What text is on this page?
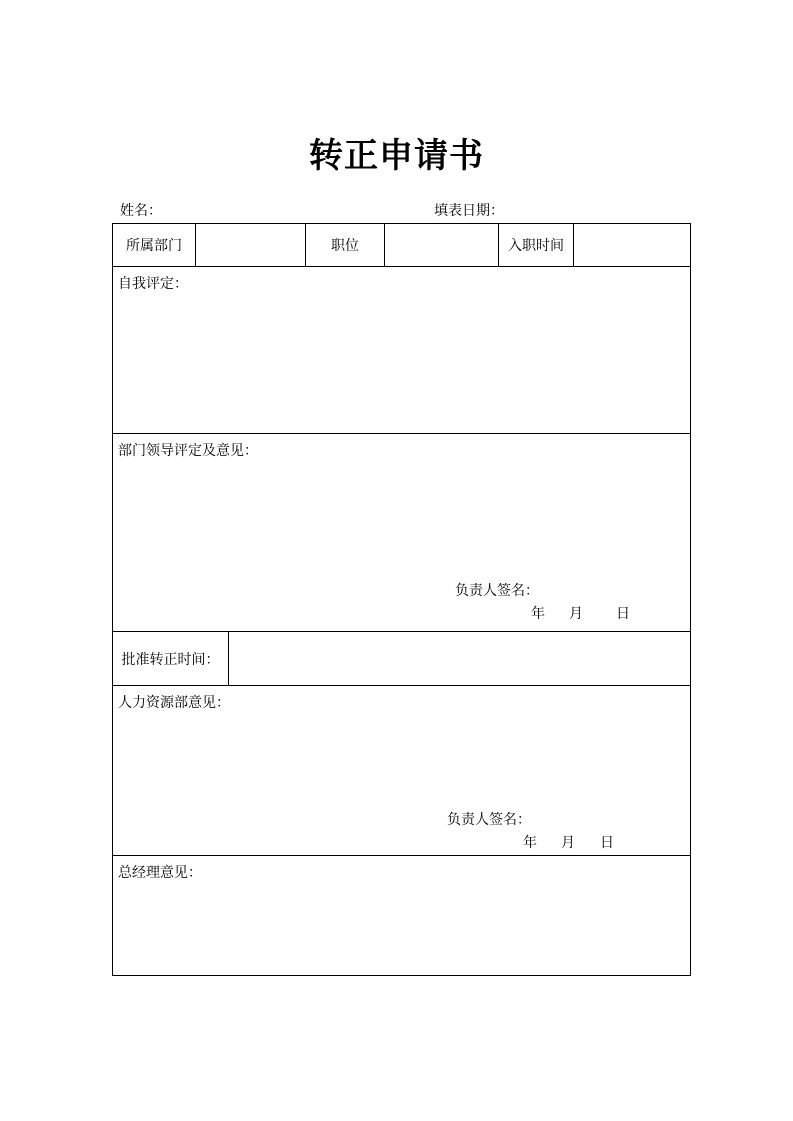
转正申请书
姓名：	填表日期：
所属部门	职位	入职时间
自我评定：
部门领导评定及意见：
负责人签名：
年 月 日
批准转正时间：
人力资源部意见：
负责人签名：
年 月 日
总经理意见：
